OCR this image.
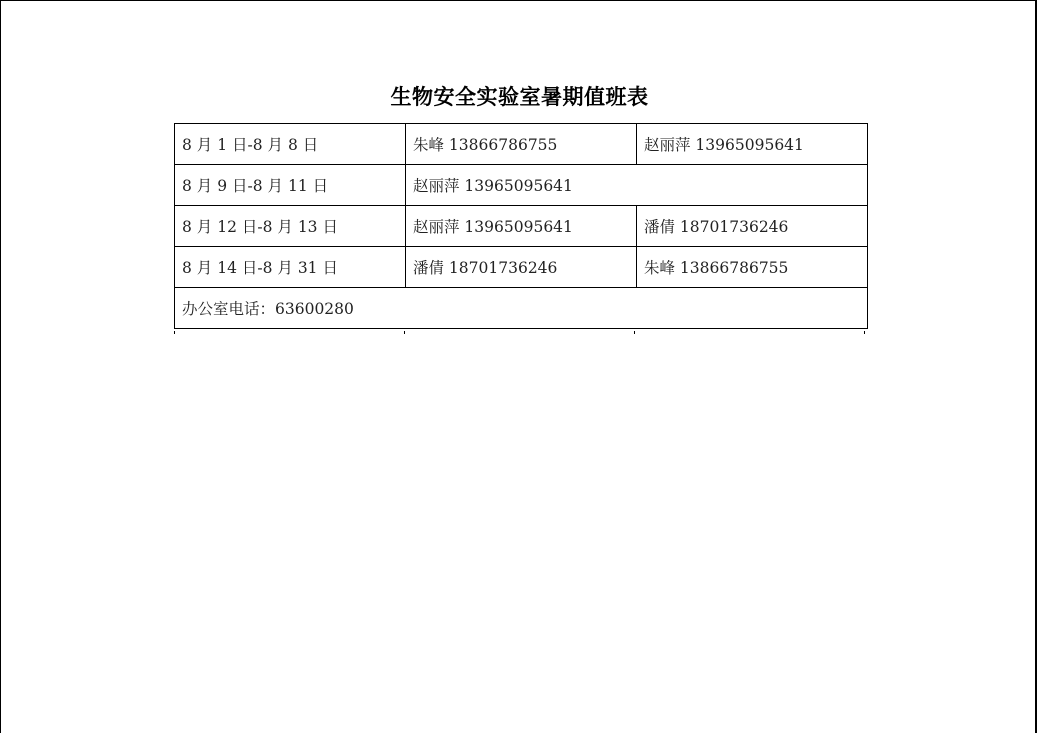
生物安全实验室暑期值班表
8 月 1 日-8 月 8 日	朱峰 13866786755	赵丽萍 13965095641
8 月 9 日-8 月 11 日	赵丽萍 13965095641	
8 月 12 日-8 月 13 日	赵丽萍 13965095641	潘倩 18701736246
8 月 14 日-8 月 31 日	潘倩 18701736246	朱峰 13866786755
办公室电话：63600280		
